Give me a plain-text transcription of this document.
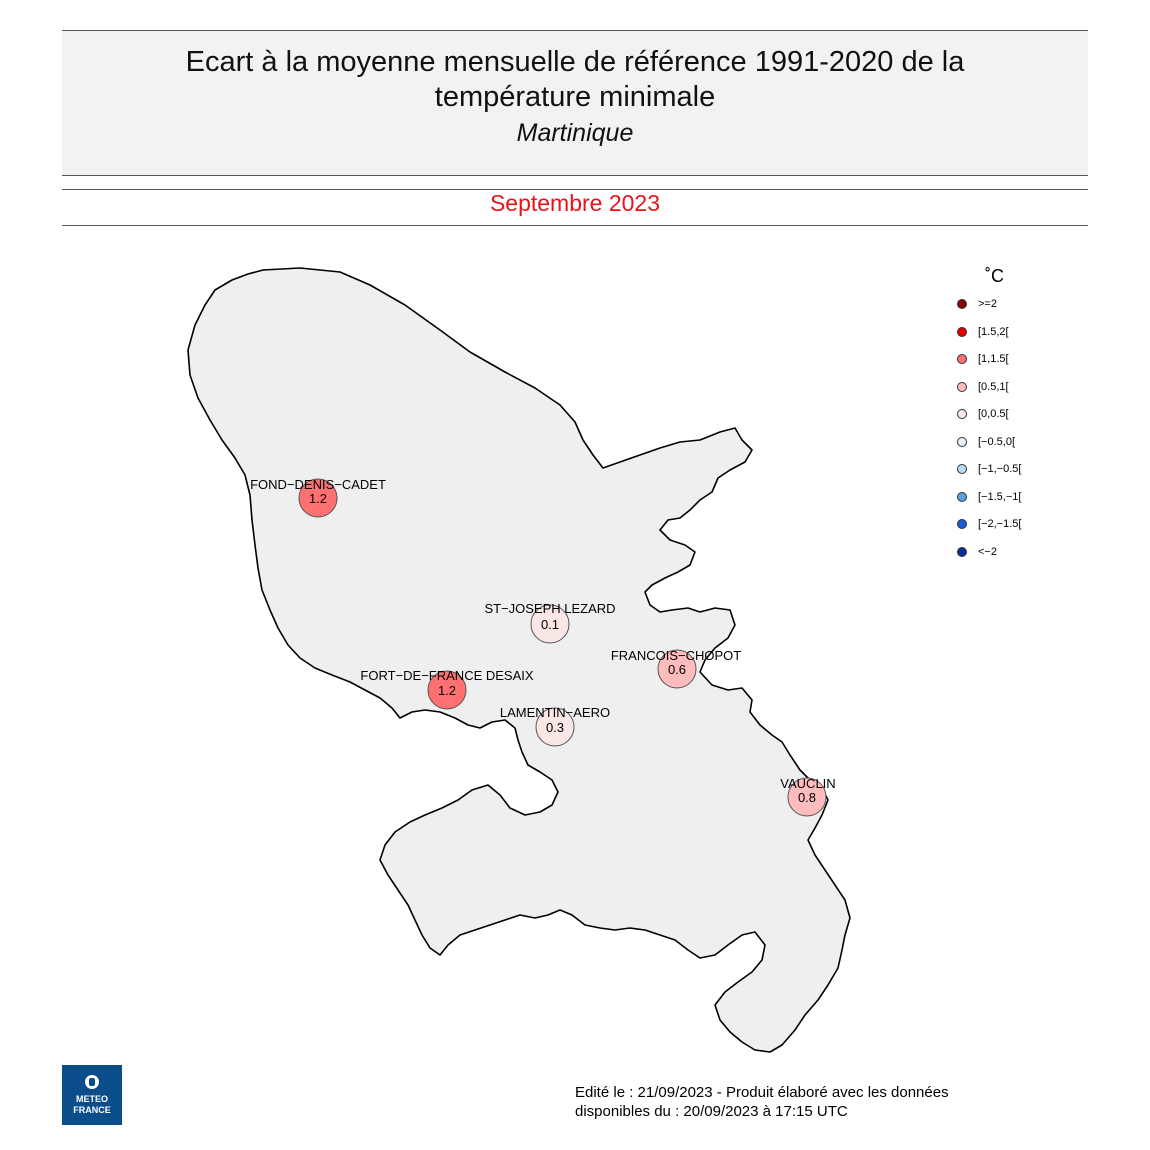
Ecart à la moyenne mensuelle de référence 1991-2020 de la
température minimale
Martinique
Septembre 2023
FOND−DENIS−CADET
1.2
ST−JOSEPH LEZARD
0.1
FRANCOIS−CHOPOT
0.6
FORT−DE−FRANCE DESAIX
1.2
LAMENTIN−AERO
0.3
VAUCLIN
0.8
˚C
>=2
[1.5,2[
[1,1.5[
[0.5,1[
[0,0.5[
[−0.5,0[
[−1,−0.5[
[−1.5,−1[
[−2,−1.5[
<−2
METEO
FRANCE
Edité le : 21/09/2023 - Produit élaboré avec les données
disponibles du : 20/09/2023 à 17:15 UTC
